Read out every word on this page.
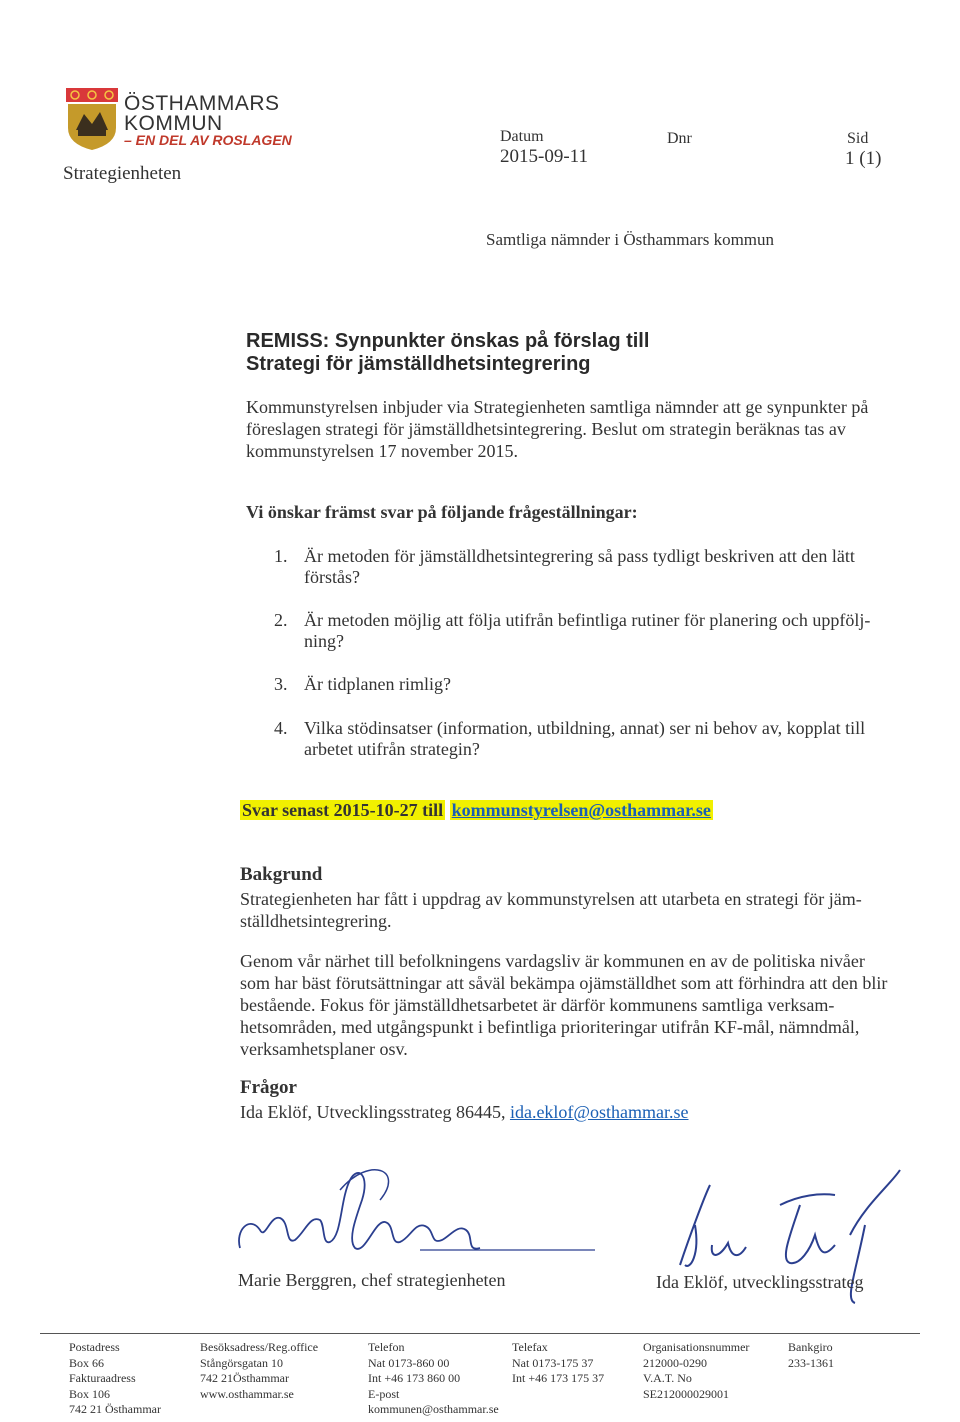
ÖSTHAMMARS
KOMMUN
– EN DEL AV ROSLAGEN
Strategienheten
Datum
2015-09-11
Dnr	Sid
1 (1)
Samtliga nämnder i Östhammars kommun
REMISS: Synpunkter önskas på förslag till
Strategi för jämställdhetsintegrering
Kommunstyrelsen inbjuder via Strategienheten samtliga nämnder att ge synpunkter på föreslagen strategi för jämställdhetsintegrering. Beslut om strategin beräknas tas av kommunstyrelsen 17 november 2015.
Vi önskar främst svar på följande frågeställningar:
1. Är metoden för jämställdhetsintegrering så pass tydligt beskriven att den lätt förstås?
2. Är metoden möjlig att följa utifrån befintliga rutiner för planering och uppfölj-ning?
3. Är tidplanen rimlig?
4. Vilka stödinsatser (information, utbildning, annat) ser ni behov av, kopplat till arbetet utifrån strategin?
Svar senast 2015-10-27 till kommunstyrelsen@osthammar.se
Bakgrund
Strategienheten har fått i uppdrag av kommunstyrelsen att utarbeta en strategi för jäm-ställdhetsintegrering.
Genom vår närhet till befolkningens vardagsliv är kommunen en av de politiska nivåer som har bäst förutsättningar att såväl bekämpa ojämställdhet som att förhindra att den blir bestående. Fokus för jämställdhetsarbetet är därför kommunens samtliga verksam-hetsområden, med utgångspunkt i befintliga prioriteringar utifrån KF-mål, nämndmål, verksamhetsplaner osv.
Frågor
Ida Eklöf, Utvecklingsstrateg 86445, ida.eklof@osthammar.se
Marie Berggren, chef strategienheten	Ida Eklöf, utvecklingsstrateg
Postadress
Box 66
Fakturaadress
Box 106
742 21 Östhammar
Besöksadress/Reg.office
Stångörsgatan 10
742 21Östhammar
www.osthammar.se
Telefon
Nat 0173-860 00
Int +46 173 860 00
E-post
kommunen@osthammar.se
Telefax
Nat 0173-175 37
Int +46 173 175 37
Organisationsnummer
212000-0290
V.A.T. No
SE212000029001
Bankgiro
233-1361
